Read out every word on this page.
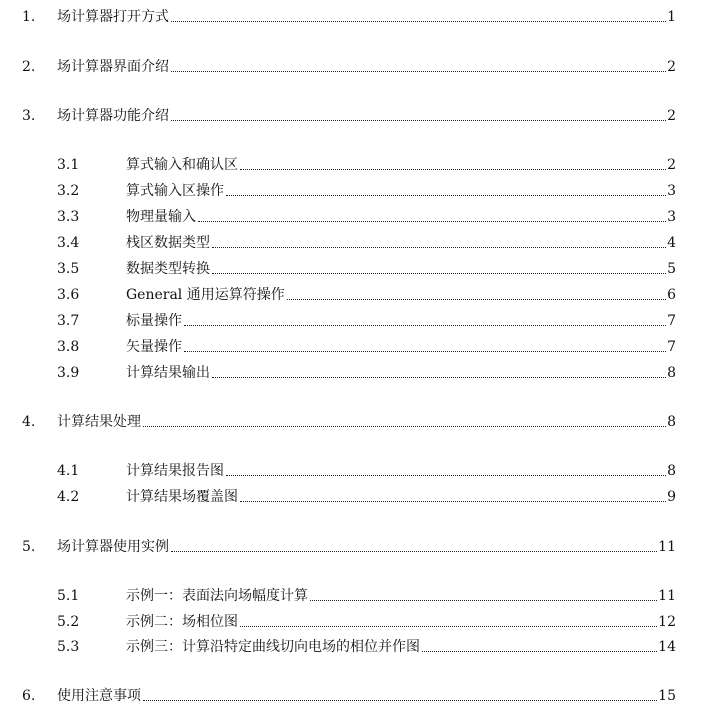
1. 场计算器打开方式	1
2. 场计算器界面介绍	2
3. 场计算器功能介绍	2
3.1	算式输入和确认区	2
3.2	算式输入区操作	3
3.3	物理量输入	3
3.4	栈区数据类型	4
3.5	数据类型转换	5
3.6	General 通用运算符操作	6
3.7	标量操作	7
3.8	矢量操作	7
3.9	计算结果输出	8
4. 计算结果处理	8
4.1	计算结果报告图	8
4.2	计算结果场覆盖图	9
5. 场计算器使用实例	11
5.1	示例一：表面法向场幅度计算	11
5.2	示例二：场相位图	12
5.3	示例三：计算沿特定曲线切向电场的相位并作图	14
6. 使用注意事项	15
